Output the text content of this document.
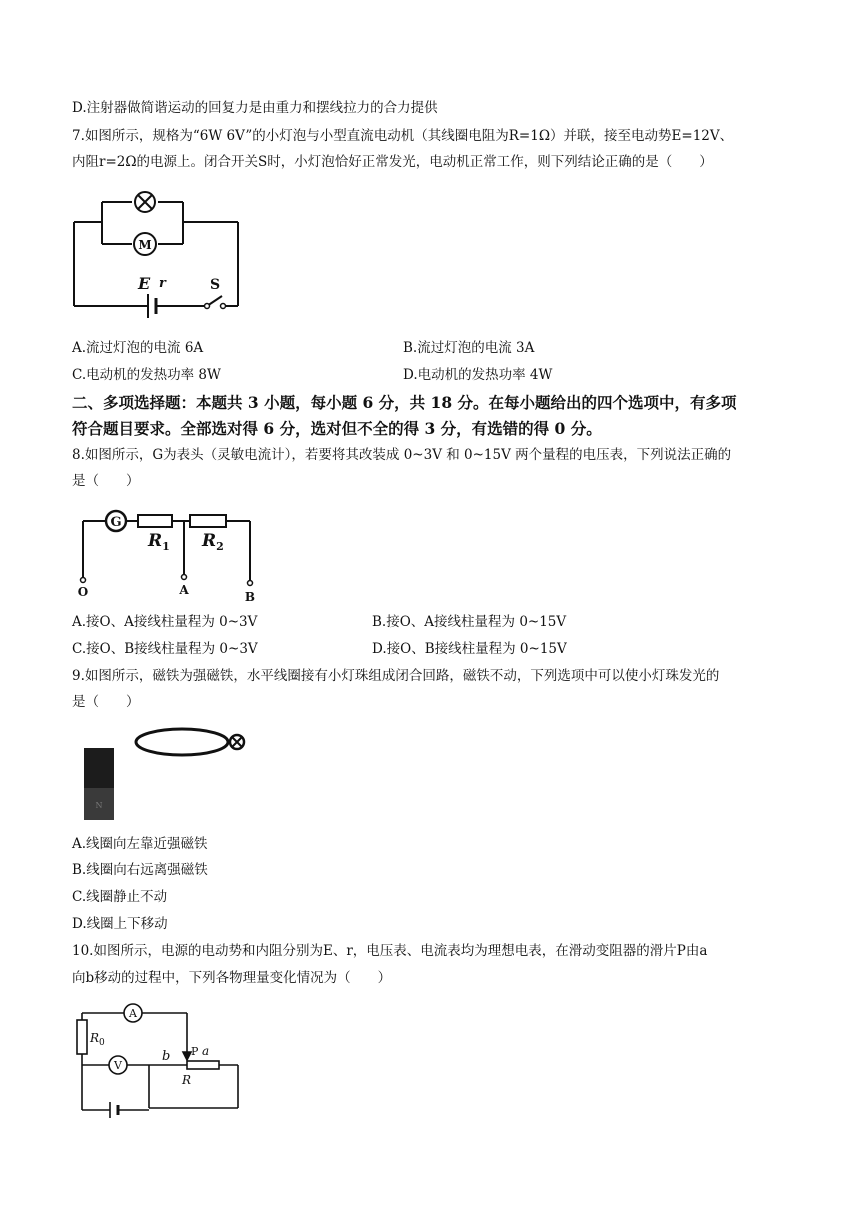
D.注射器做简谐运动的回复力是由重力和摆线拉力的合力提供
7.如图所示，规格为“6W 6V”的小灯泡与小型直流电动机（其线圈电阻为R=1Ω）并联，接至电动势E=12V、
内阻r=2Ω的电源上。闭合开关S时，小灯泡恰好正常发光，电动机正常工作，则下列结论正确的是（　　）
M
E r	S
A.流过灯泡的电流 6A	B.流过灯泡的电流 3A
C.电动机的发热功率 8W	D.电动机的发热功率 4W
二、多项选择题：本题共 3 小题，每小题 6 分，共 18 分。在每小题给出的四个选项中，有多项
符合题目要求。全部选对得 6 分，选对但不全的得 3 分，有选错的得 0 分。
8.如图所示，G为表头（灵敏电流计），若要将其改装成 0~3V 和 0~15V 两个量程的电压表，下列说法正确的
是（　　）
G
$R_1$ $R_2$
O	A	B
A.接O、A接线柱量程为 0~3V	B.接O、A接线柱量程为 0~15V
C.接O、B接线柱量程为 0~3V	D.接O、B接线柱量程为 0~15V
9.如图所示，磁铁为强磁铁，水平线圈接有小灯珠组成闭合回路，磁铁不动，下列选项中可以使小灯珠发光的
是（　　）
N
A.线圈向左靠近强磁铁
B.线圈向右远离强磁铁
C.线圈静止不动
D.线圈上下移动
10.如图所示，电源的电动势和内阻分别为E、r，电压表、电流表均为理想电表，在滑动变阻器的滑片P由a
向b移动的过程中，下列各物理量变化情况为（　　）
A
V
$R_0$
b P a
R
